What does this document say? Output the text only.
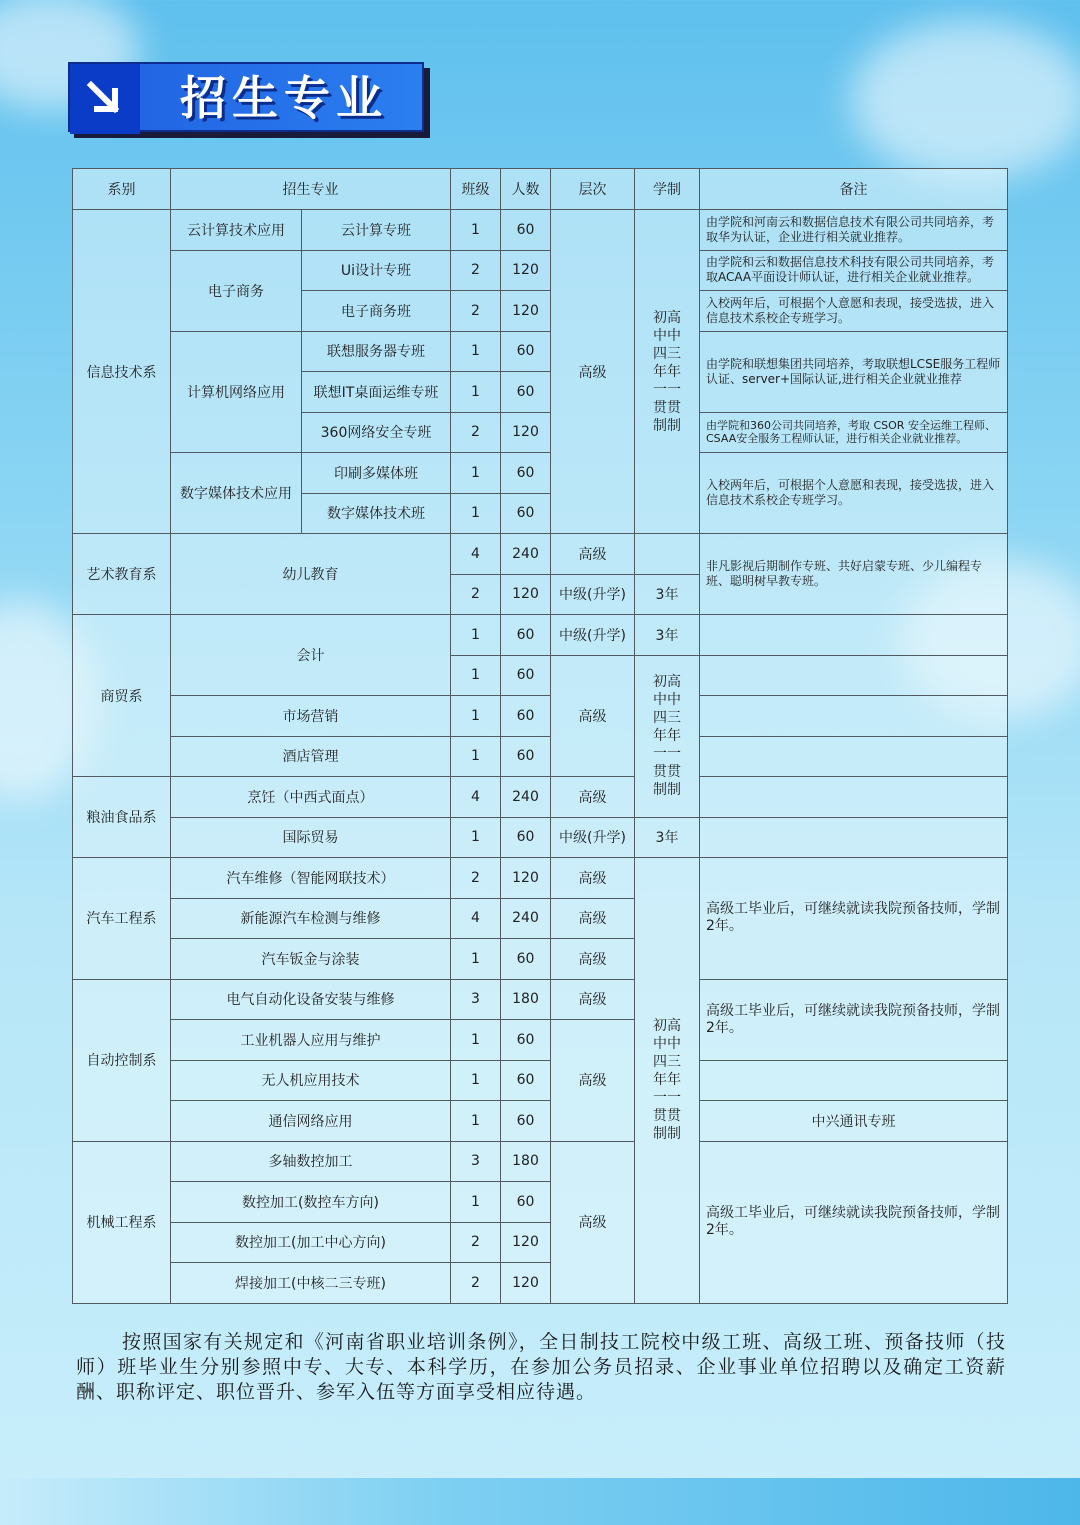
招生专业
系别	招生专业		班级	人数	层次	学制	备注
信息技术系	云计算技术应用	云计算专班	1	60	高级	初高中中四三年年一一贯贯制制	由学院和河南云和数据信息技术有限公司共同培养，考取华为认证，企业进行相关就业推荐。
	电子商务	Ui设计专班	2	120			由学院和云和数据信息技术科技有限公司共同培养，考取ACAA平面设计师认证，进行相关企业就业推荐。
		电子商务班	2	120			入校两年后，可根据个人意愿和表现，接受选拔，进入信息技术系校企专班学习。
	计算机网络应用	联想服务器专班	1	60			由学院和联想集团共同培养，考取联想LCSE服务工程师认证、server+国际认证,进行相关企业就业推荐
		联想IT桌面运维专班	1	60			
		360网络安全专班	2	120			由学院和360公司共同培养，考取 CSOR 安全运维工程师、CSAA安全服务工程师认证，进行相关企业就业推荐。
	数字媒体技术应用	印刷多媒体班	1	60			入校两年后，可根据个人意愿和表现，接受选拔，进入信息技术系校企专班学习。
		数字媒体技术班	1	60			
艺术教育系	幼儿教育		4	240	高级		非凡影视后期制作专班、共好启蒙专班、少儿编程专班、聪明树早教专班。
			2	120	中级(升学)	3年	
商贸系	会计		1	60	中级(升学)	3年	
			1	60	高级	初高中中四三年年一一贯贯制制	
	市场营销		1	60			
	酒店管理		1	60			
粮油食品系	烹饪（中西式面点）		4	240	高级		
	国际贸易		1	60	中级(升学)	3年	
汽车工程系	汽车维修（智能网联技术）		2	120	高级	初高中中四三年年一一贯贯制制	高级工毕业后，可继续就读我院预备技师，学制2年。
	新能源汽车检测与维修		4	240	高级		
	汽车钣金与涂装		1	60	高级		
自动控制系	电气自动化设备安装与维修		3	180	高级		高级工毕业后，可继续就读我院预备技师，学制2年。
	工业机器人应用与维护		1	60	高级		
	无人机应用技术		1	60			
	通信网络应用		1	60			中兴通讯专班
机械工程系	多轴数控加工		3	180	高级		高级工毕业后，可继续就读我院预备技师，学制2年。
	数控加工(数控车方向)		1	60			
	数控加工(加工中心方向)		2	120			
	焊接加工(中核二三专班)		2	120			
按照国家有关规定和《河南省职业培训条例》，全日制技工院校中级工班、高级工班、预备技师（技师）班毕业生分别参照中专、大专、本科学历，在参加公务员招录、企业事业单位招聘以及确定工资薪酬、职称评定、职位晋升、参军入伍等方面享受相应待遇。
